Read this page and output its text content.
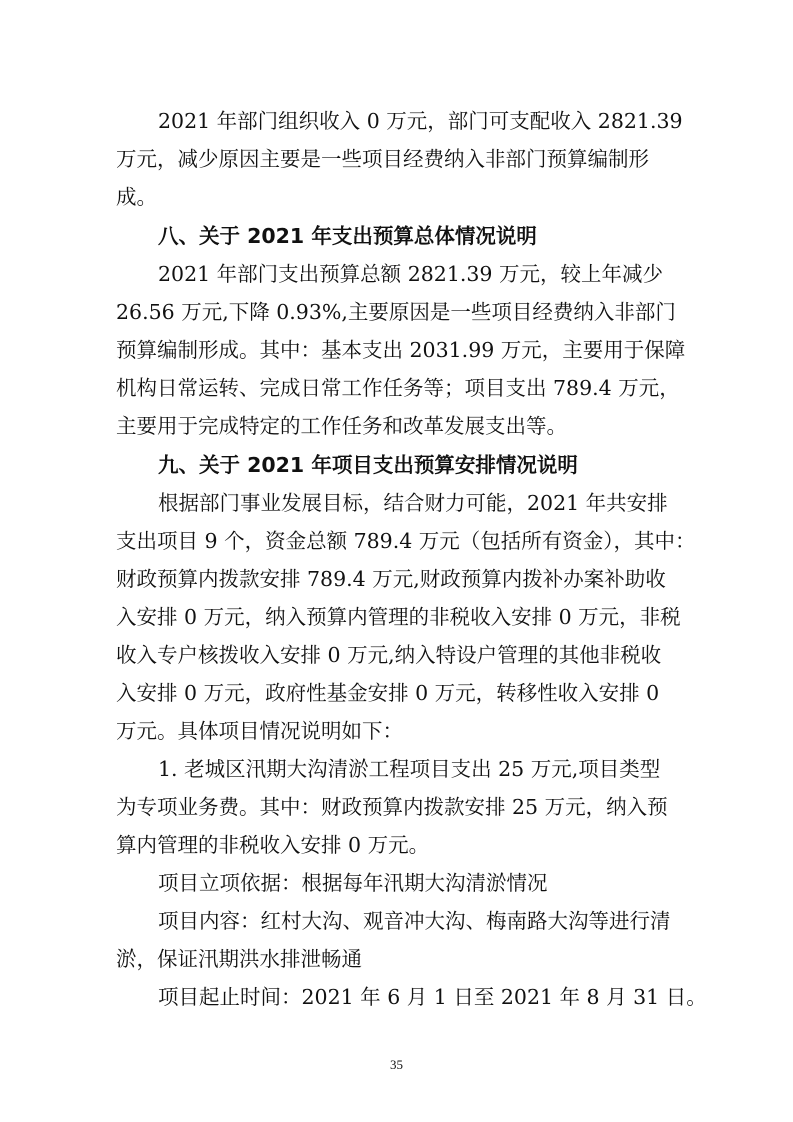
2021 年部门组织收入 0 万元，部门可支配收入 2821.39
万元，减少原因主要是一些项目经费纳入非部门预算编制形
成。
八、关于 2021 年支出预算总体情况说明
2021 年部门支出预算总额 2821.39 万元，较上年减少
26.56 万元,下降 0.93%,主要原因是一些项目经费纳入非部门
预算编制形成。其中：基本支出 2031.99 万元，主要用于保障
机构日常运转、完成日常工作任务等；项目支出 789.4 万元，
主要用于完成特定的工作任务和改革发展支出等。
九、关于 2021 年项目支出预算安排情况说明
根据部门事业发展目标，结合财力可能，2021 年共安排
支出项目 9 个，资金总额 789.4 万元（包括所有资金），其中：
财政预算内拨款安排 789.4 万元,财政预算内拨补办案补助收
入安排 0 万元，纳入预算内管理的非税收入安排 0 万元，非税
收入专户核拨收入安排 0 万元,纳入特设户管理的其他非税收
入安排 0 万元，政府性基金安排 0 万元，转移性收入安排 0
万元。具体项目情况说明如下：
1. 老城区汛期大沟清淤工程项目支出 25 万元,项目类型
为专项业务费。其中：财政预算内拨款安排 25 万元，纳入预
算内管理的非税收入安排 0 万元。
项目立项依据：根据每年汛期大沟清淤情况
项目内容：红村大沟、观音冲大沟、梅南路大沟等进行清
淤，保证汛期洪水排泄畅通
项目起止时间：2021 年 6 月 1 日至 2021 年 8 月 31 日。
35
